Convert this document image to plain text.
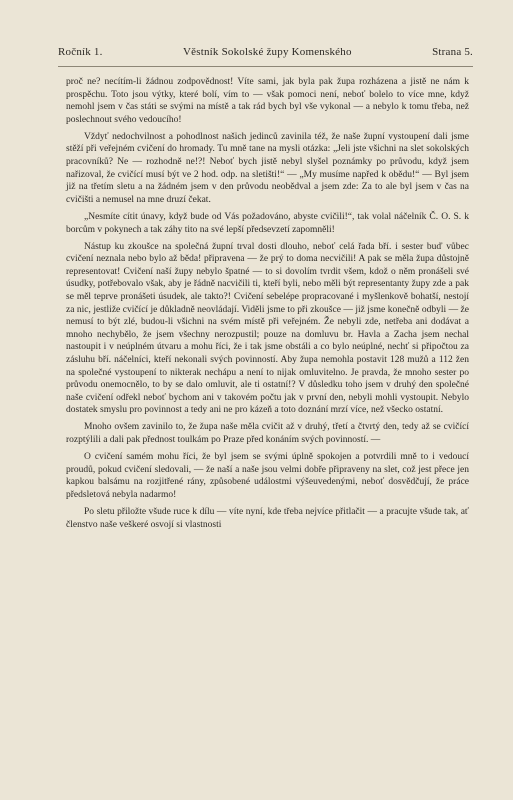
Ročník 1.	Věstník Sokolské župy Komenského	Strana 5.

proč ne? necítím-li žádnou zodpovědnost! Víte sami, jak byla pak župa rozházena a jistě ne nám k prospěchu. Toto jsou výtky, které bolí, vím to — však pomoci není, neboť bolelo to více mne, když nemohl jsem v čas státi se svými na místě a tak rád bych byl vše vykonal — a nebylo k tomu třeba, než poslechnout svého vedoucího!

Vždyť nedochvilnost a pohodlnost našich jedinců zavinila též, že naše župní vystoupení dali jsme stěží při veřejném cvičení do hromady. Tu mně tane na mysli otázka: „Jeli jste všichni na slet sokolských pracovníků? Ne — rozhodně ne!?! Neboť bych jistě nebyl slyšel poznámky po průvodu, když jsem nařizoval, že cvičící musí být ve 2 hod. odp. na sletišti!“ — „My musíme napřed k obědu!“ — Byl jsem již na třetím sletu a na žádném jsem v den průvodu neobědval a jsem zde: Za to ale byl jsem v čas na cvičišti a nemusel na mne druzí čekat.

„Nesmíte cítit únavy, když bude od Vás požadováno, abyste cvičili!“, tak volal náčelník Č. O. S. k borcům v pokynech a tak záhy tito na své lepší předsevzetí zapomněli!

Nástup ku zkoušce na společná župní trval dosti dlouho, neboť celá řada bří. i sester buď vůbec cvičení neznala nebo bylo až běda! připravena — že prý to doma necvičili! A pak se měla župa důstojně representovat! Cvičení naší župy nebylo špatné — to si dovolím tvrdit všem, kdož o něm pronášeli své úsudky, potřebovalo však, aby je řádně nacvičili ti, kteří byli, nebo měli být representanty župy zde a pak se měl teprve pronášeti úsudek, ale takto?! Cvičení sebelépe propracované i myšlenkově bohatší, nestojí za nic, jestliže cvičící je důkladně neovládají. Viděli jsme to při zkoušce — již jsme konečně odbyli — že nemusí to být zlé, budou-li všichni na svém místě při veřejném. Že nebyli zde, netřeba ani dodávat a mnoho nechybělo, že jsem všechny nerozpustil; pouze na domluvu br. Havla a Zacha jsem nechal nastoupit i v neúplném útvaru a mohu říci, že i tak jsme obstáli a co bylo neúplné, nechť si připočtou za zásluhu bří. náčelníci, kteří nekonali svých povinností. Aby župa nemohla postavit 128 mužů a 112 žen na společné vystoupení to nikterak nechápu a není to nijak omluvitelno. Je pravda, že mnoho sester po průvodu onemocnělo, to by se dalo omluvit, ale ti ostatní!? V důsledku toho jsem v druhý den společné naše cvičení odřekl neboť bychom ani v takovém počtu jak v první den, nebyli mohli vystoupit. Nebylo dostatek smyslu pro povinnost a tedy ani ne pro kázeň a toto doznání mrzí více, než všecko ostatní.

Mnoho ovšem zavinilo to, že župa naše měla cvičit až v druhý, třetí a čtvrtý den, tedy až se cvičící rozptýlili a dali pak přednost toulkám po Praze před konáním svých povinností. —

O cvičení samém mohu říci, že byl jsem se svými úplně spokojen a potvrdili mně to i vedoucí proudů, pokud cvičení sledovali, — že naší a naše jsou velmi dobře připraveny na slet, což jest přece jen kapkou balsámu na rozjitřené rány, způsobené událostmi výšeuvedenými, neboť dosvědčují, že práce předsletová nebyla nadarmo!

Po sletu přiložte všude ruce k dílu — víte nyní, kde třeba nejvíce přitlačit — a pracujte všude tak, ať členstvo naše veškeré osvojí si vlastnosti
